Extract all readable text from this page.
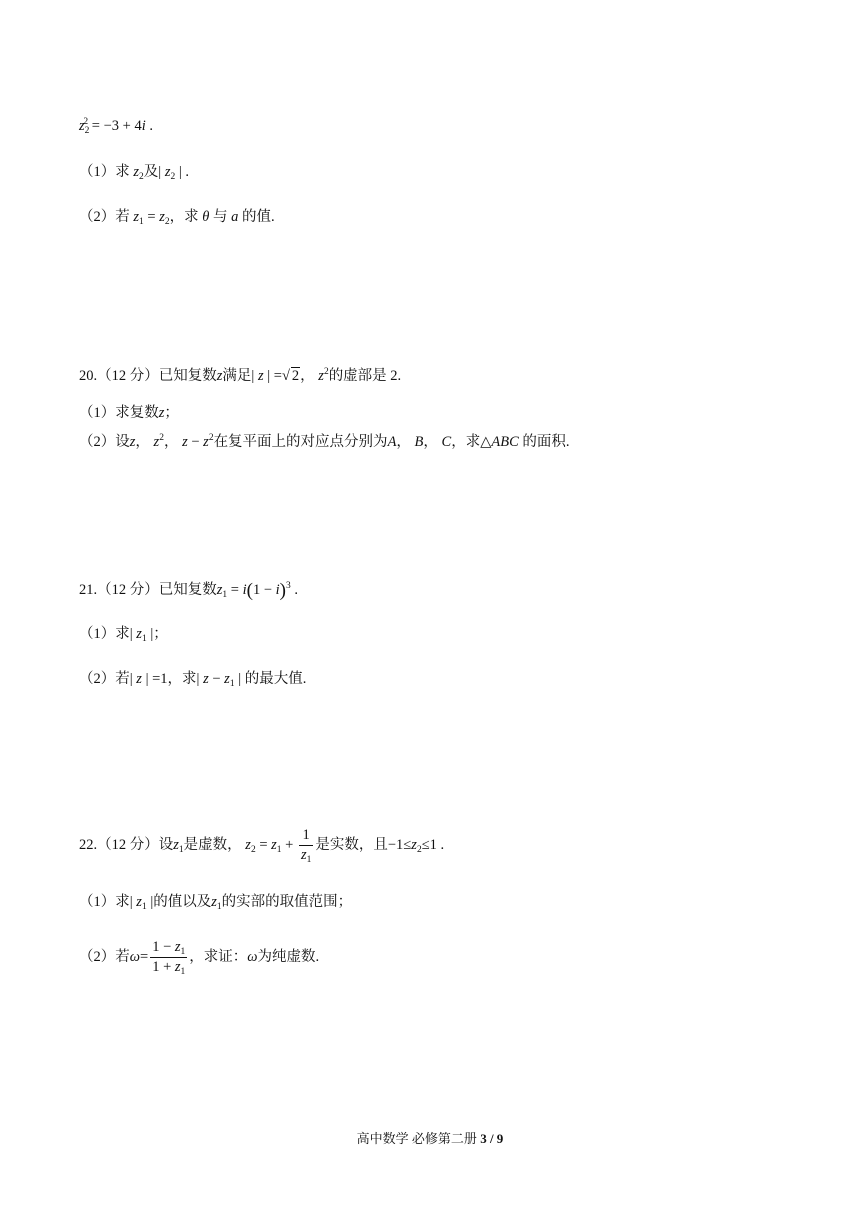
$z_2^2 = -3 + 4i$ .
（1）求 $z_2$及| $z_2$ | .
（2）若 $z_1 = z_2$，求 θ 与 a 的值.
20.（12 分）已知复数z满足| z | =√ 2， $z^2$的虚部是 2.
（1）求复数z；
（2）设z， $z^2$， $z - z^2$在复平面上的对应点分别为A， B， C，求△ABC 的面积.
21.（12 分）已知复数$z_1 = i(1 - i)^3$ .
（1）求| $z_1$ |；
（2）若| z | =1，求| $z - z_1$ | 的最大值.
22.（12 分）设$z_1$是虚数， $z_2 = z_1 + \frac{1}{z_1}$ 是实数，且$-1\le z_2\le 1$ .
（1）求| $z_1$ |的值以及$z_1$的实部的取值范围；
（2）若$\omega= \frac{1 - z_1}{1 + z_1}$ ，求证：ω为纯虚数.
高中数学 必修第二册 3 / 9
